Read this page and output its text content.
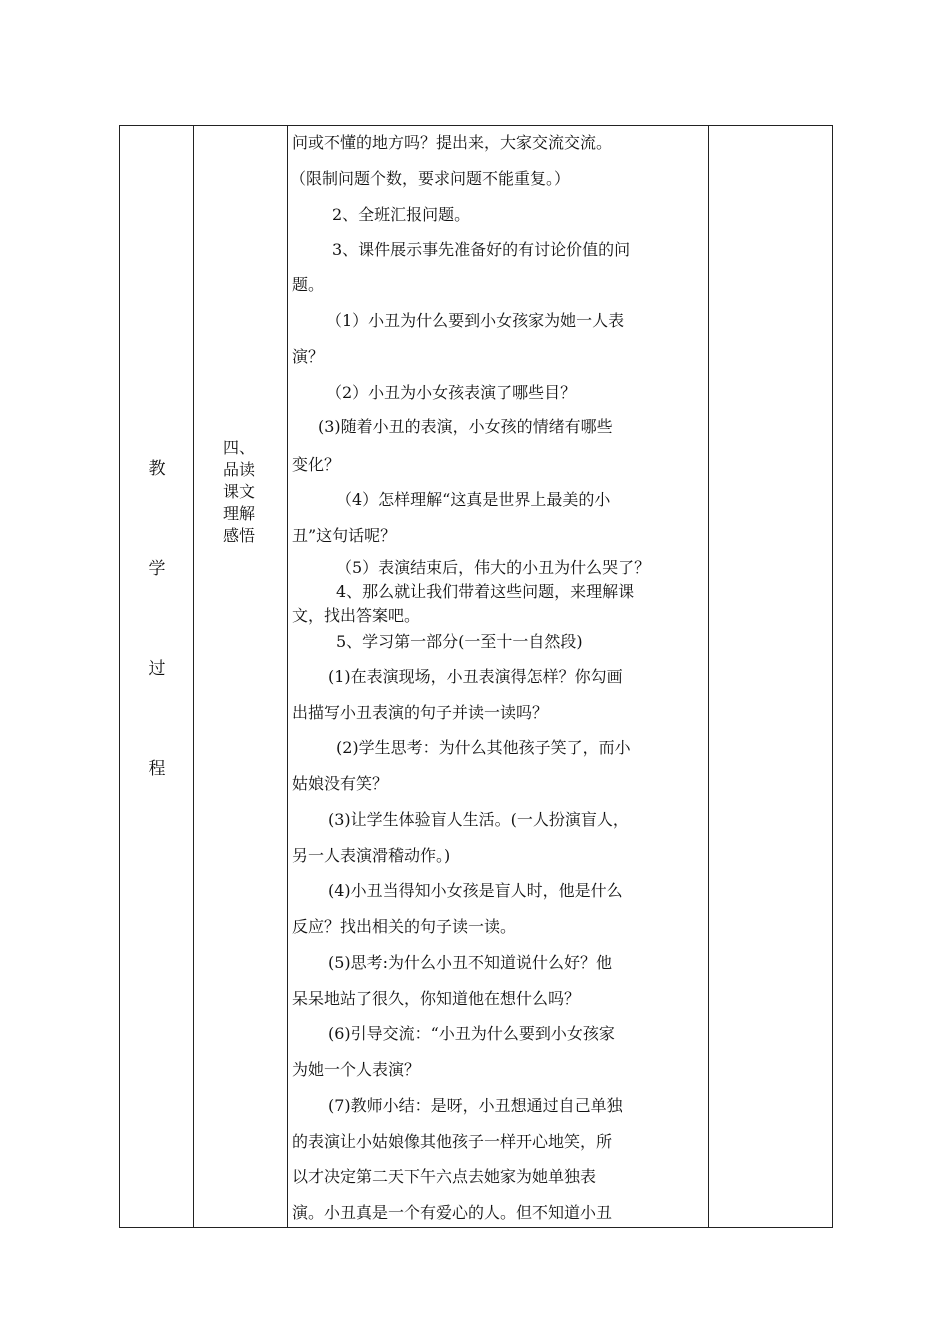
教
学
过
程
四、
品读
课文
理解
感悟
问或不懂的地方吗？提出来，大家交流交流。
（限制问题个数，要求问题不能重复。）
2、全班汇报问题。
3、课件展示事先准备好的有讨论价值的问
题。
（1）小丑为什么要到小女孩家为她一人表
演？
（2）小丑为小女孩表演了哪些目？
(3)随着小丑的表演，小女孩的情绪有哪些
变化？
（4）怎样理解“这真是世界上最美的小
丑”这句话呢？
（5）表演结束后，伟大的小丑为什么哭了？
4、那么就让我们带着这些问题，来理解课
文，找出答案吧。
5、学习第一部分(一至十一自然段)
(1)在表演现场，小丑表演得怎样？你勾画
出描写小丑表演的句子并读一读吗？
(2)学生思考：为什么其他孩子笑了，而小
姑娘没有笑？
(3)让学生体验盲人生活。(一人扮演盲人，
另一人表演滑稽动作。)
(4)小丑当得知小女孩是盲人时，他是什么
反应？找出相关的句子读一读。
(5)思考:为什么小丑不知道说什么好？他
呆呆地站了很久，你知道他在想什么吗？
(6)引导交流：“小丑为什么要到小女孩家
为她一个人表演？
(7)教师小结：是呀，小丑想通过自己单独
的表演让小姑娘像其他孩子一样开心地笑，所
以才决定第二天下午六点去她家为她单独表
演。小丑真是一个有爱心的人。但不知道小丑
